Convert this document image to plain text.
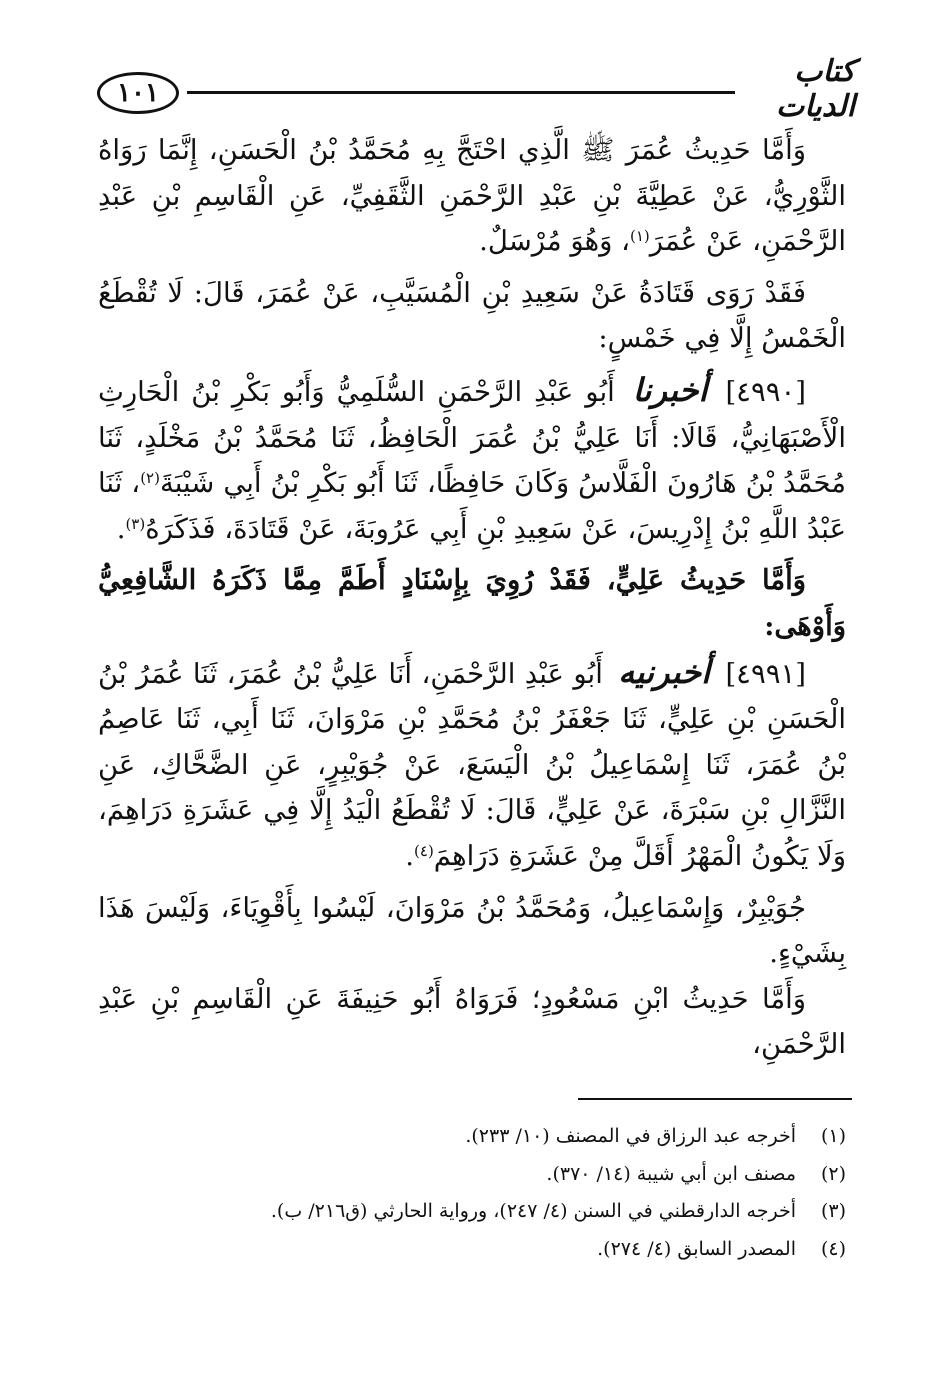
١٠١
كتاب الديات

وَأَمَّا حَدِيثُ عُمَرَ ﷺ الَّذِي احْتَجَّ بِهِ مُحَمَّدُ بْنُ الْحَسَنِ، إِنَّمَا رَوَاهُ الثَّوْرِيُّ، عَنْ عَطِيَّةَ بْنِ عَبْدِ الرَّحْمَنِ الثَّقَفِيِّ، عَنِ الْقَاسِمِ بْنِ عَبْدِ الرَّحْمَنِ، عَنْ عُمَرَ$^{(١)}$، وَهُوَ مُرْسَلٌ.

فَقَدْ رَوَى قَتَادَةُ عَنْ سَعِيدِ بْنِ الْمُسَيَّبِ، عَنْ عُمَرَ، قَالَ: لَا تُقْطَعُ الْخَمْسُ إِلَّا فِي خَمْسٍ:

[٤٩٩٠] أخبرنا أَبُو عَبْدِ الرَّحْمَنِ السُّلَمِيُّ وَأَبُو بَكْرِ بْنُ الْحَارِثِ الْأَصْبَهَانِيُّ، قَالَا: أَنَا عَلِيُّ بْنُ عُمَرَ الْحَافِظُ، ثَنَا مُحَمَّدُ بْنُ مَخْلَدٍ، ثَنَا مُحَمَّدُ بْنُ هَارُونَ الْفَلَّاسُ وَكَانَ حَافِظًا، ثَنَا أَبُو بَكْرِ بْنُ أَبِي شَيْبَةَ$^{(٢)}$، ثَنَا عَبْدُ اللَّهِ بْنُ إِدْرِيسَ، عَنْ سَعِيدِ بْنِ أَبِي عَرُوبَةَ، عَنْ قَتَادَةَ، فَذَكَرَهُ$^{(٣)}$.

وَأَمَّا حَدِيثُ عَلِيٍّ، فَقَدْ رُوِيَ بِإِسْنَادٍ أَطَمَّ مِمَّا ذَكَرَهُ الشَّافِعِيُّ وَأَوْهَى:

[٤٩٩١] أخبرنيه أَبُو عَبْدِ الرَّحْمَنِ، أَنَا عَلِيُّ بْنُ عُمَرَ، ثَنَا عُمَرُ بْنُ الْحَسَنِ بْنِ عَلِيٍّ، ثَنَا جَعْفَرُ بْنُ مُحَمَّدِ بْنِ مَرْوَانَ، ثَنَا أَبِي، ثَنَا عَاصِمُ بْنُ عُمَرَ، ثَنَا إِسْمَاعِيلُ بْنُ الْيَسَعَ، عَنْ جُوَيْبِرٍ، عَنِ الضَّحَّاكِ، عَنِ النَّزَّالِ بْنِ سَبْرَةَ، عَنْ عَلِيٍّ، قَالَ: لَا تُقْطَعُ الْيَدُ إِلَّا فِي عَشَرَةِ دَرَاهِمَ، وَلَا يَكُونُ الْمَهْرُ أَقَلَّ مِنْ عَشَرَةِ دَرَاهِمَ$^{(٤)}$.

جُوَيْبِرٌ، وَإِسْمَاعِيلُ، وَمُحَمَّدُ بْنُ مَرْوَانَ، لَيْسُوا بِأَقْوِيَاءَ، وَلَيْسَ هَذَا بِشَيْءٍ.

وَأَمَّا حَدِيثُ ابْنِ مَسْعُودٍ؛ فَرَوَاهُ أَبُو حَنِيفَةَ عَنِ الْقَاسِمِ بْنِ عَبْدِ الرَّحْمَنِ،

(١)
أخرجه عبد الرزاق في المصنف (١٠/ ٢٣٣).
(٢)
مصنف ابن أبي شيبة (١٤/ ٣٧٠).
(٣)
أخرجه الدارقطني في السنن (٤/ ٢٤٧)، ورواية الحارثي (ق٢١٦/ ب).
(٤)
المصدر السابق (٤/ ٢٧٤).
